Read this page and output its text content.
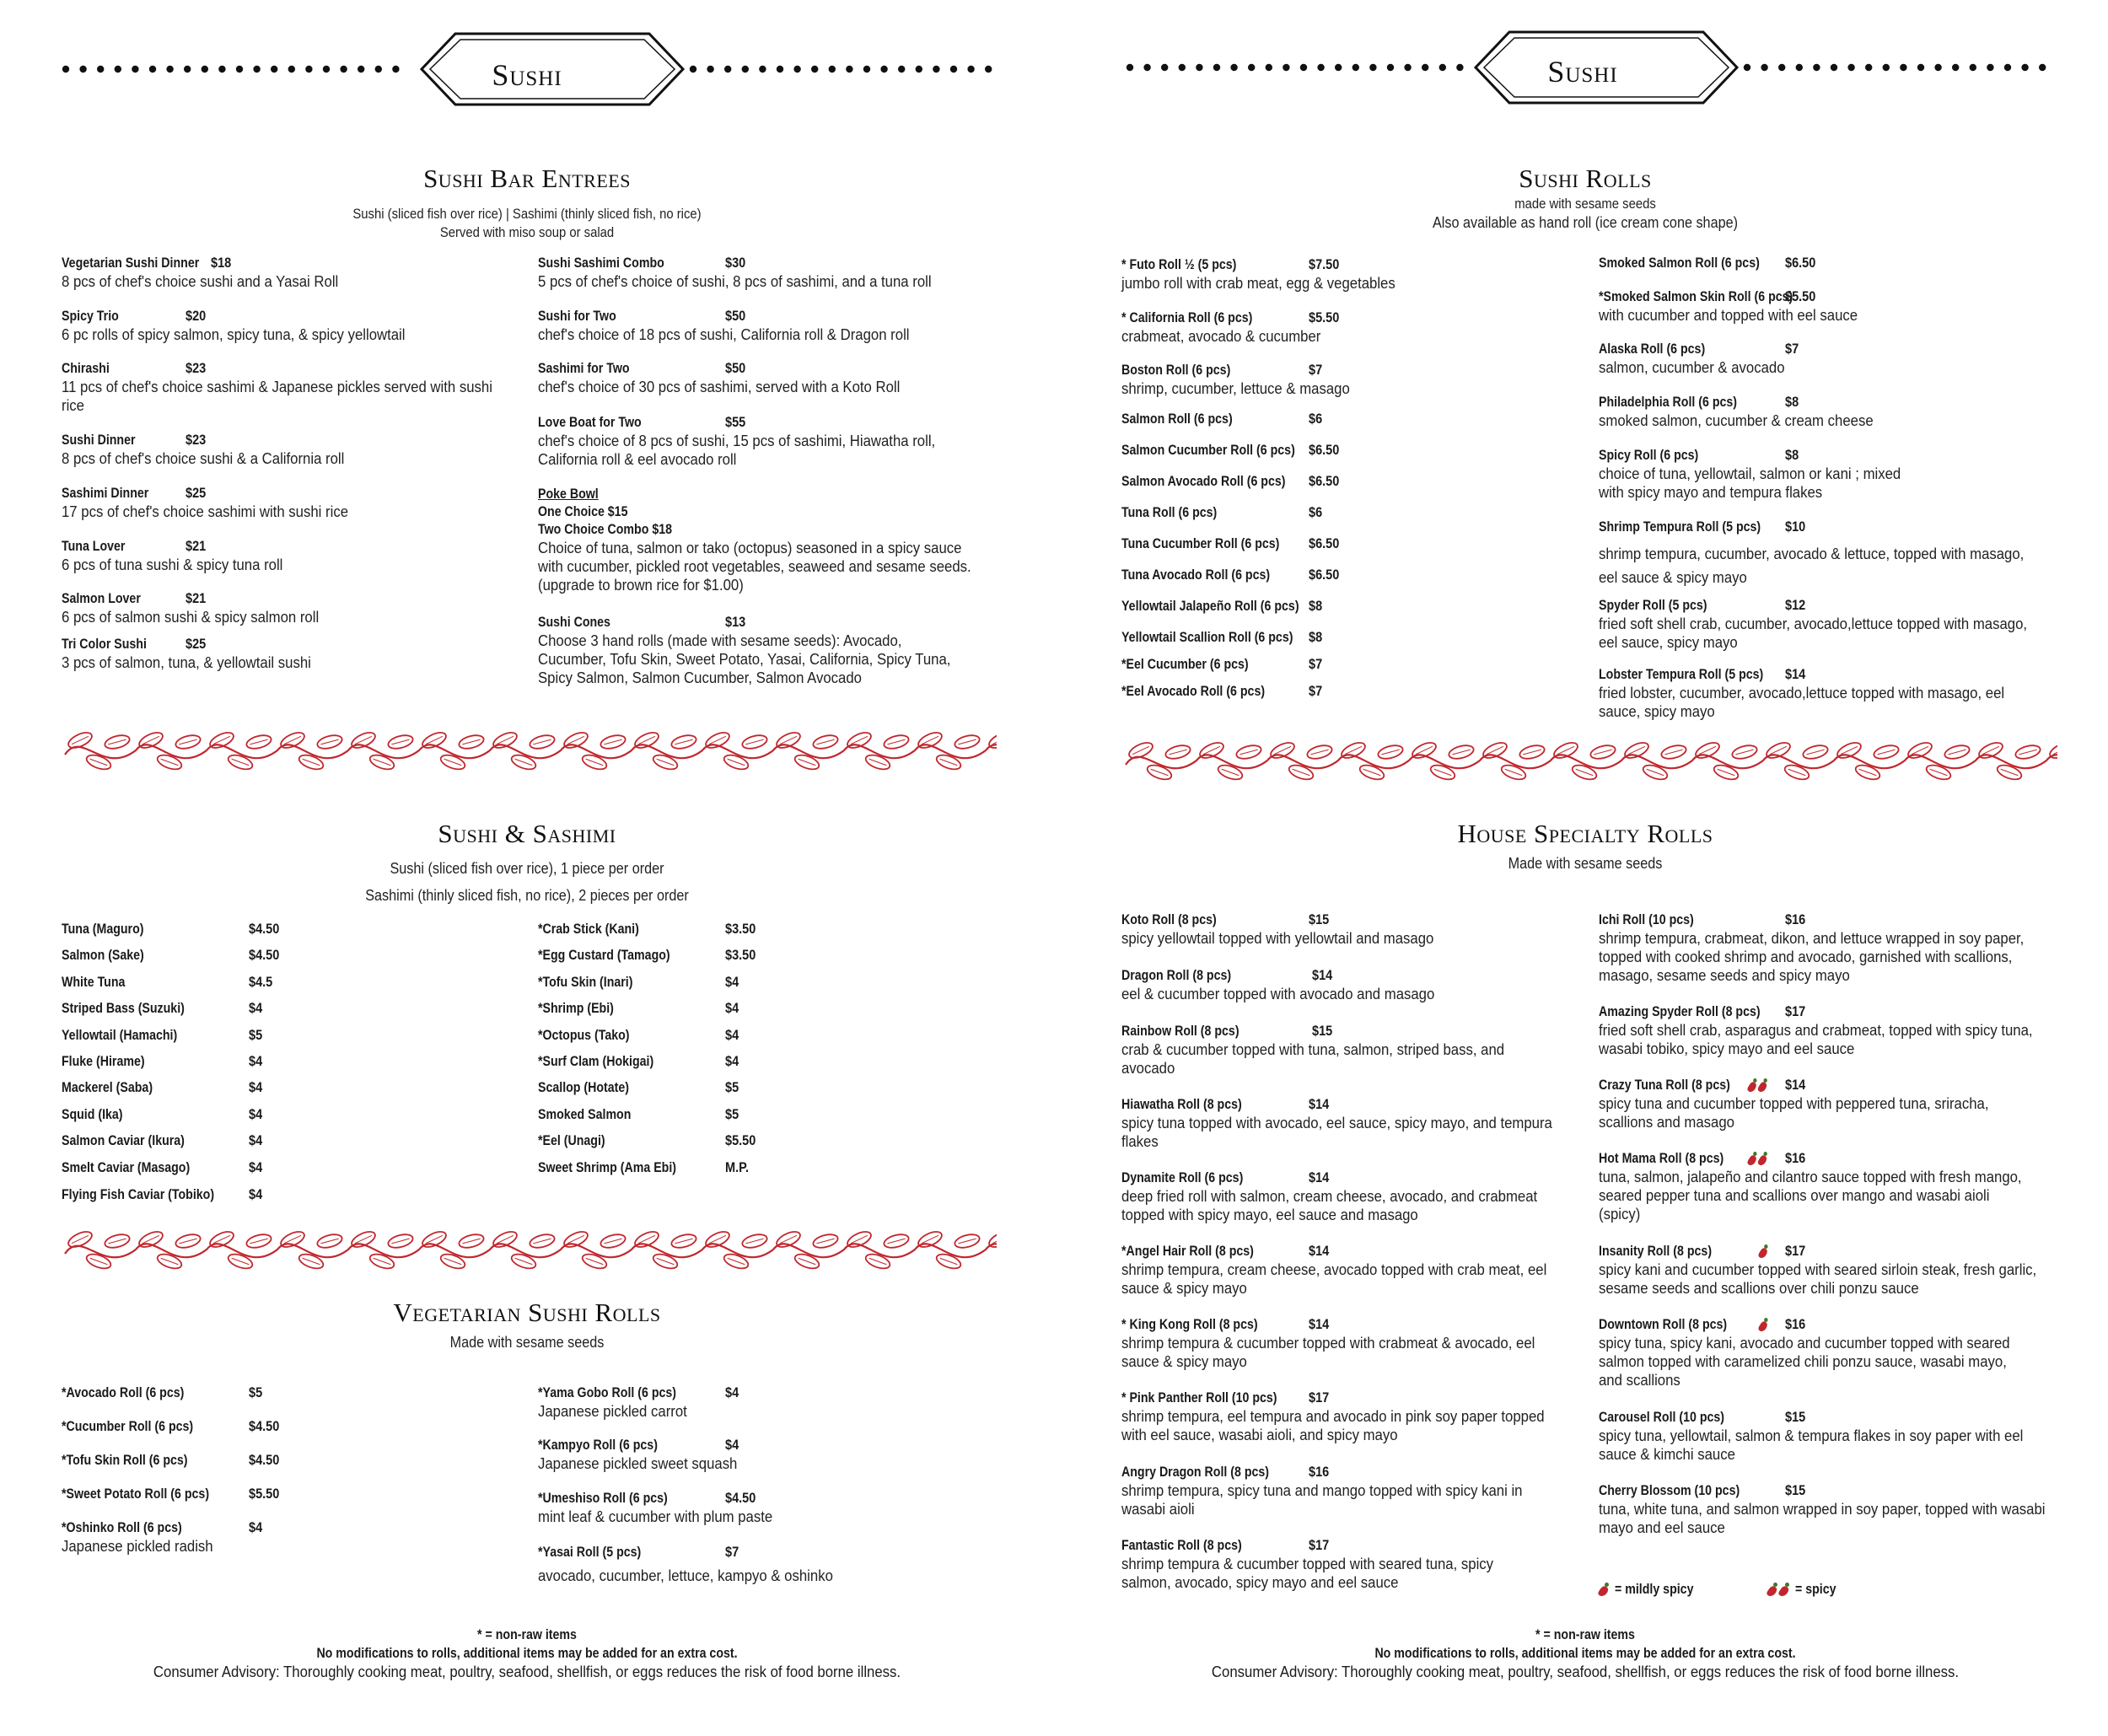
Sushi
Sushi Bar Entrees
Sushi (sliced fish over rice) | Sashimi (thinly sliced fish, no rice)
Served with miso soup or salad
Vegetarian Sushi Dinner $18
8 pcs of chef's choice sushi and a Yasai Roll
Spicy Trio	$20
6 pc rolls of spicy salmon, spicy tuna, & spicy yellowtail
Chirashi	$23
11 pcs of chef's choice sashimi & Japanese pickles served with sushi rice
Sushi Dinner	$23
8 pcs of chef's choice sushi & a California roll
Sashimi Dinner	$25
17 pcs of chef's choice sashimi with sushi rice
Tuna Lover	$21
6 pcs of tuna sushi & spicy tuna roll
Salmon Lover	$21
6 pcs of salmon sushi & spicy salmon roll
Tri Color Sushi	$25
3 pcs of salmon, tuna, & yellowtail sushi
Sushi Sashimi Combo	$30
5 pcs of chef's choice of sushi, 8 pcs of sashimi, and a tuna roll
Sushi for Two	$50
chef's choice of 18 pcs of sushi, California roll & Dragon roll
Sashimi for Two	$50
chef's choice of 30 pcs of sashimi, served with a Koto Roll
Love Boat for Two	$55
chef's choice of 8 pcs of sushi, 15 pcs of sashimi, Hiawatha roll, California roll & eel avocado roll
Poke Bowl
One Choice $15
Two Choice Combo $18
Choice of tuna, salmon or tako (octopus) seasoned in a spicy sauce with cucumber, pickled root vegetables, seaweed and sesame seeds. (upgrade to brown rice for $1.00)
Sushi Cones	$13
Choose 3 hand rolls (made with sesame seeds): Avocado, Cucumber, Tofu Skin, Sweet Potato, Yasai, California, Spicy Tuna, Spicy Salmon, Salmon Cucumber, Salmon Avocado
Sushi & Sashimi
Sushi (sliced fish over rice), 1 piece per order
Sashimi (thinly sliced fish, no rice), 2 pieces per order
Tuna (Maguro)	$4.50
Salmon (Sake)	$4.50
White Tuna	$4.5
Striped Bass (Suzuki)	$4
Yellowtail (Hamachi)	$5
Fluke (Hirame)	$4
Mackerel (Saba)	$4
Squid (Ika)	$4
Salmon Caviar (Ikura)	$4
Smelt Caviar (Masago)	$4
Flying Fish Caviar (Tobiko) $4
*Crab Stick (Kani)	$3.50
*Egg Custard (Tamago)	$3.50
*Tofu Skin (Inari)	$4
*Shrimp (Ebi)	$4
*Octopus (Tako)	$4
*Surf Clam (Hokigai)	$4
Scallop (Hotate)	$5
Smoked Salmon	$5
*Eel (Unagi)	$5.50
Sweet Shrimp (Ama Ebi)	M.P.
Vegetarian Sushi Rolls
Made with sesame seeds
*Avocado Roll (6 pcs)	$5
*Cucumber Roll (6 pcs)	$4.50
*Tofu Skin Roll (6 pcs)	$4.50
*Sweet Potato Roll (6 pcs)	$5.50
*Oshinko Roll (6 pcs)	$4
Japanese pickled radish
*Yama Gobo Roll (6 pcs)	$4
Japanese pickled carrot
*Kampyo Roll (6 pcs)	$4
Japanese pickled sweet squash
*Umeshiso Roll (6 pcs)	$4.50
mint leaf & cucumber with plum paste
*Yasai Roll (5 pcs)	$7
avocado, cucumber, lettuce, kampyo & oshinko
* = non-raw items
No modifications to rolls, additional items may be added for an extra cost.
Consumer Advisory: Thoroughly cooking meat, poultry, seafood, shellfish, or eggs reduces the risk of food borne illness.
Sushi
Sushi Rolls
made with sesame seeds
Also available as hand roll (ice cream cone shape)
* Futo Roll ½ (5 pcs)	$7.50
jumbo roll with crab meat, egg & vegetables
* California Roll (6 pcs)	$5.50
crabmeat, avocado & cucumber
Boston Roll (6 pcs)	$7
shrimp, cucumber, lettuce & masago
Salmon Roll (6 pcs)	$6
Salmon Cucumber Roll (6 pcs) $6.50
Salmon Avocado Roll (6 pcs) $6.50
Tuna Roll (6 pcs)	$6
Tuna Cucumber Roll (6 pcs) $6.50
Tuna Avocado Roll (6 pcs)	$6.50
Yellowtail Jalapeño Roll (6 pcs) $8
Yellowtail Scallion Roll (6 pcs) $8
*Eel Cucumber (6 pcs)	$7
*Eel Avocado Roll (6 pcs)	$7
Smoked Salmon Roll (6 pcs) $6.50
*Smoked Salmon Skin Roll (6 pcs)
$5.50
with cucumber and topped with eel sauce
Alaska Roll (6 pcs)	$7
salmon, cucumber & avocado
Philadelphia Roll (6 pcs)	$8
smoked salmon, cucumber & cream cheese
Spicy Roll (6 pcs)	$8
choice of tuna, yellowtail, salmon or kani ; mixed with spicy mayo and tempura flakes
Shrimp Tempura Roll (5 pcs) $10
shrimp tempura, cucumber, avocado & lettuce, topped with masago, eel sauce & spicy mayo
Spyder Roll (5 pcs)	$12
fried soft shell crab, cucumber, avocado,lettuce topped with masago, eel sauce, spicy mayo
Lobster Tempura Roll (5 pcs) $14
fried lobster, cucumber, avocado,lettuce topped with masago, eel sauce, spicy mayo
House Specialty Rolls
Made with sesame seeds
Koto Roll (8 pcs)	$15
spicy yellowtail topped with yellowtail and masago
Dragon Roll (8 pcs)	$14
eel & cucumber topped with avocado and masago
Rainbow Roll (8 pcs)	$15
crab & cucumber topped with tuna, salmon, striped bass, and avocado
Hiawatha Roll (8 pcs)	$14
spicy tuna topped with avocado, eel sauce, spicy mayo, and tempura flakes
Dynamite Roll (6 pcs)	$14
deep fried roll with salmon, cream cheese, avocado, and crabmeat topped with spicy mayo, eel sauce and masago
*Angel Hair Roll (8 pcs)	$14
shrimp tempura, cream cheese, avocado topped with crab meat, eel sauce & spicy mayo
* King Kong Roll (8 pcs)	$14
shrimp tempura & cucumber topped with crabmeat & avocado, eel sauce & spicy mayo
* Pink Panther Roll (10 pcs) $17
shrimp tempura, eel tempura and avocado in pink soy paper topped with eel sauce, wasabi aioli, and spicy mayo
Angry Dragon Roll (8 pcs)	$16
shrimp tempura, spicy tuna and mango topped with spicy kani in wasabi aioli
Fantastic Roll (8 pcs)	$17
shrimp tempura & cucumber topped with seared tuna, spicy salmon, avocado, spicy mayo and eel sauce
Ichi Roll (10 pcs)	$16
shrimp tempura, crabmeat, dikon, and lettuce wrapped in soy paper, topped with cooked shrimp and avocado, garnished with scallions, masago, sesame seeds and spicy mayo
Amazing Spyder Roll (8 pcs) $17
fried soft shell crab, asparagus and crabmeat, topped with spicy tuna, wasabi tobiko, spicy mayo and eel sauce
Crazy Tuna Roll (8 pcs)	$14
spicy tuna and cucumber topped with peppered tuna, sriracha, scallions and masago
Hot Mama Roll (8 pcs)	$16
tuna, salmon, jalapeño and cilantro sauce topped with fresh mango, seared pepper tuna and scallions over mango and wasabi aioli (spicy)
Insanity Roll (8 pcs)	$17
spicy kani and cucumber topped with seared sirloin steak, fresh garlic, sesame seeds and scallions over chili ponzu sauce
Downtown Roll (8 pcs)	$16
spicy tuna, spicy kani, avocado and cucumber topped with seared salmon topped with caramelized chili ponzu sauce, wasabi mayo, and scallions
Carousel Roll (10 pcs)	$15
spicy tuna, yellowtail, salmon & tempura flakes in soy paper with eel sauce & kimchi sauce
Cherry Blossom (10 pcs)	$15
tuna, white tuna, and salmon wrapped in soy paper, topped with wasabi mayo and eel sauce
= mildly spicy	= spicy
* = non-raw items
No modifications to rolls, additional items may be added for an extra cost.
Consumer Advisory: Thoroughly cooking meat, poultry, seafood, shellfish, or eggs reduces the risk of food borne illness.
